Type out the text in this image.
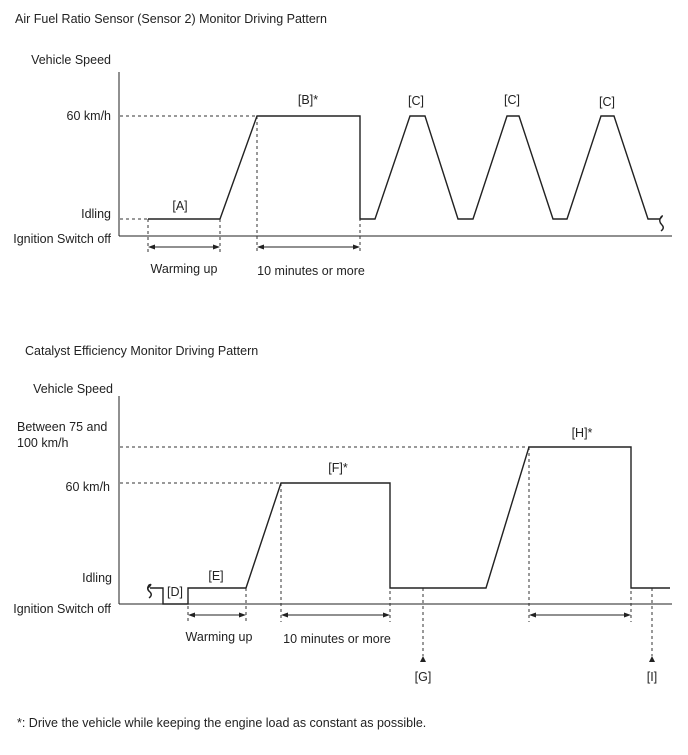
Air Fuel Ratio Sensor (Sensor 2) Monitor Driving Pattern
Vehicle Speed
60 km/h
Idling
Ignition Switch off
[A]
[B]*	[C]	[C]	[C]
Warming up	10 minutes or more
Catalyst Efficiency Monitor Driving Pattern
Vehicle Speed
Between 75 and
100 km/h
60 km/h
Idling
Ignition Switch off
[D]
[E]
[F]*
[H]*
Warming up 10 minutes or more
[G]	[I]
*: Drive the vehicle while keeping the engine load as constant as possible.
